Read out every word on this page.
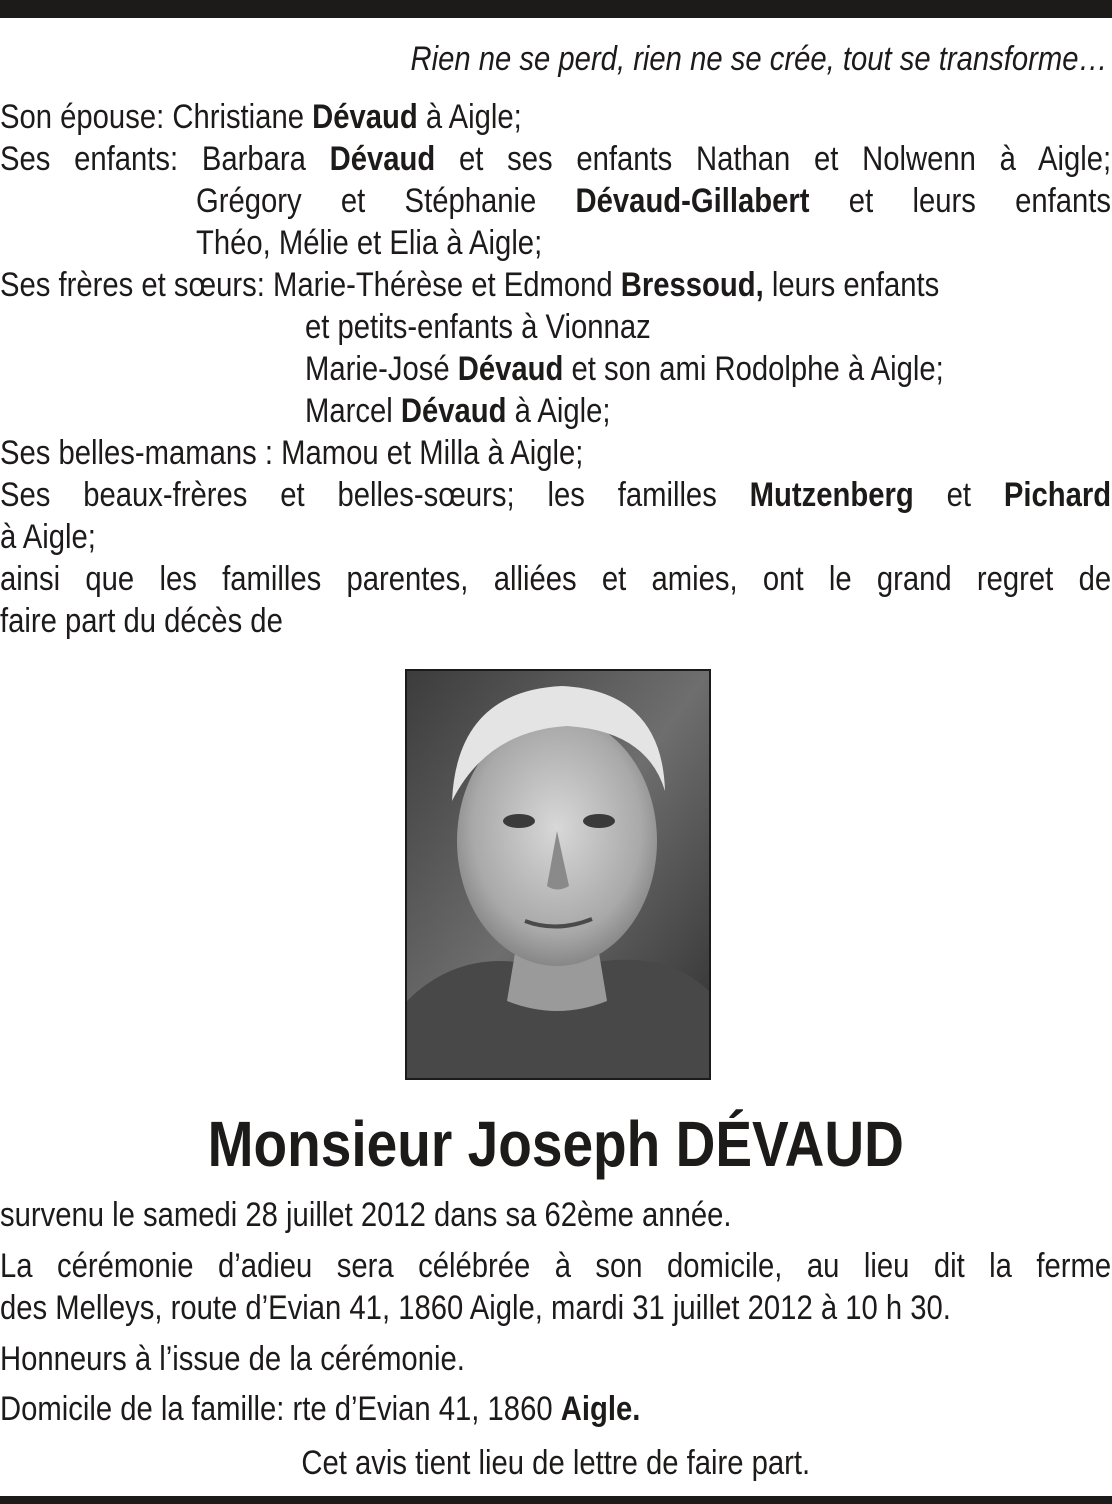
Rien ne se perd, rien ne se crée, tout se transforme…
Son épouse: Christiane Dévaud à Aigle;
Ses enfants: Barbara Dévaud et ses enfants Nathan et Nolwenn à Aigle;
Grégory et Stéphanie Dévaud-Gillabert et leurs enfants
Théo, Mélie et Elia à Aigle;
Ses frères et sœurs: Marie-Thérèse et Edmond Bressoud, leurs enfants
et petits-enfants à Vionnaz
Marie-José Dévaud et son ami Rodolphe à Aigle;
Marcel Dévaud à Aigle;
Ses belles-mamans : Mamou et Milla à Aigle;
Ses beaux-frères et belles-sœurs; les familles Mutzenberg et Pichard
à Aigle;
ainsi que les familles parentes, alliées et amies, ont le grand regret de
faire part du décès de
Monsieur Joseph DÉVAUD
survenu le samedi 28 juillet 2012 dans sa 62ème année.
La cérémonie d’adieu sera célébrée à son domicile, au lieu dit la ferme
des Melleys, route d’Evian 41, 1860 Aigle, mardi 31 juillet 2012 à 10 h 30.
Honneurs à l’issue de la cérémonie.
Domicile de la famille: rte d’Evian 41, 1860 Aigle.
Cet avis tient lieu de lettre de faire part.
